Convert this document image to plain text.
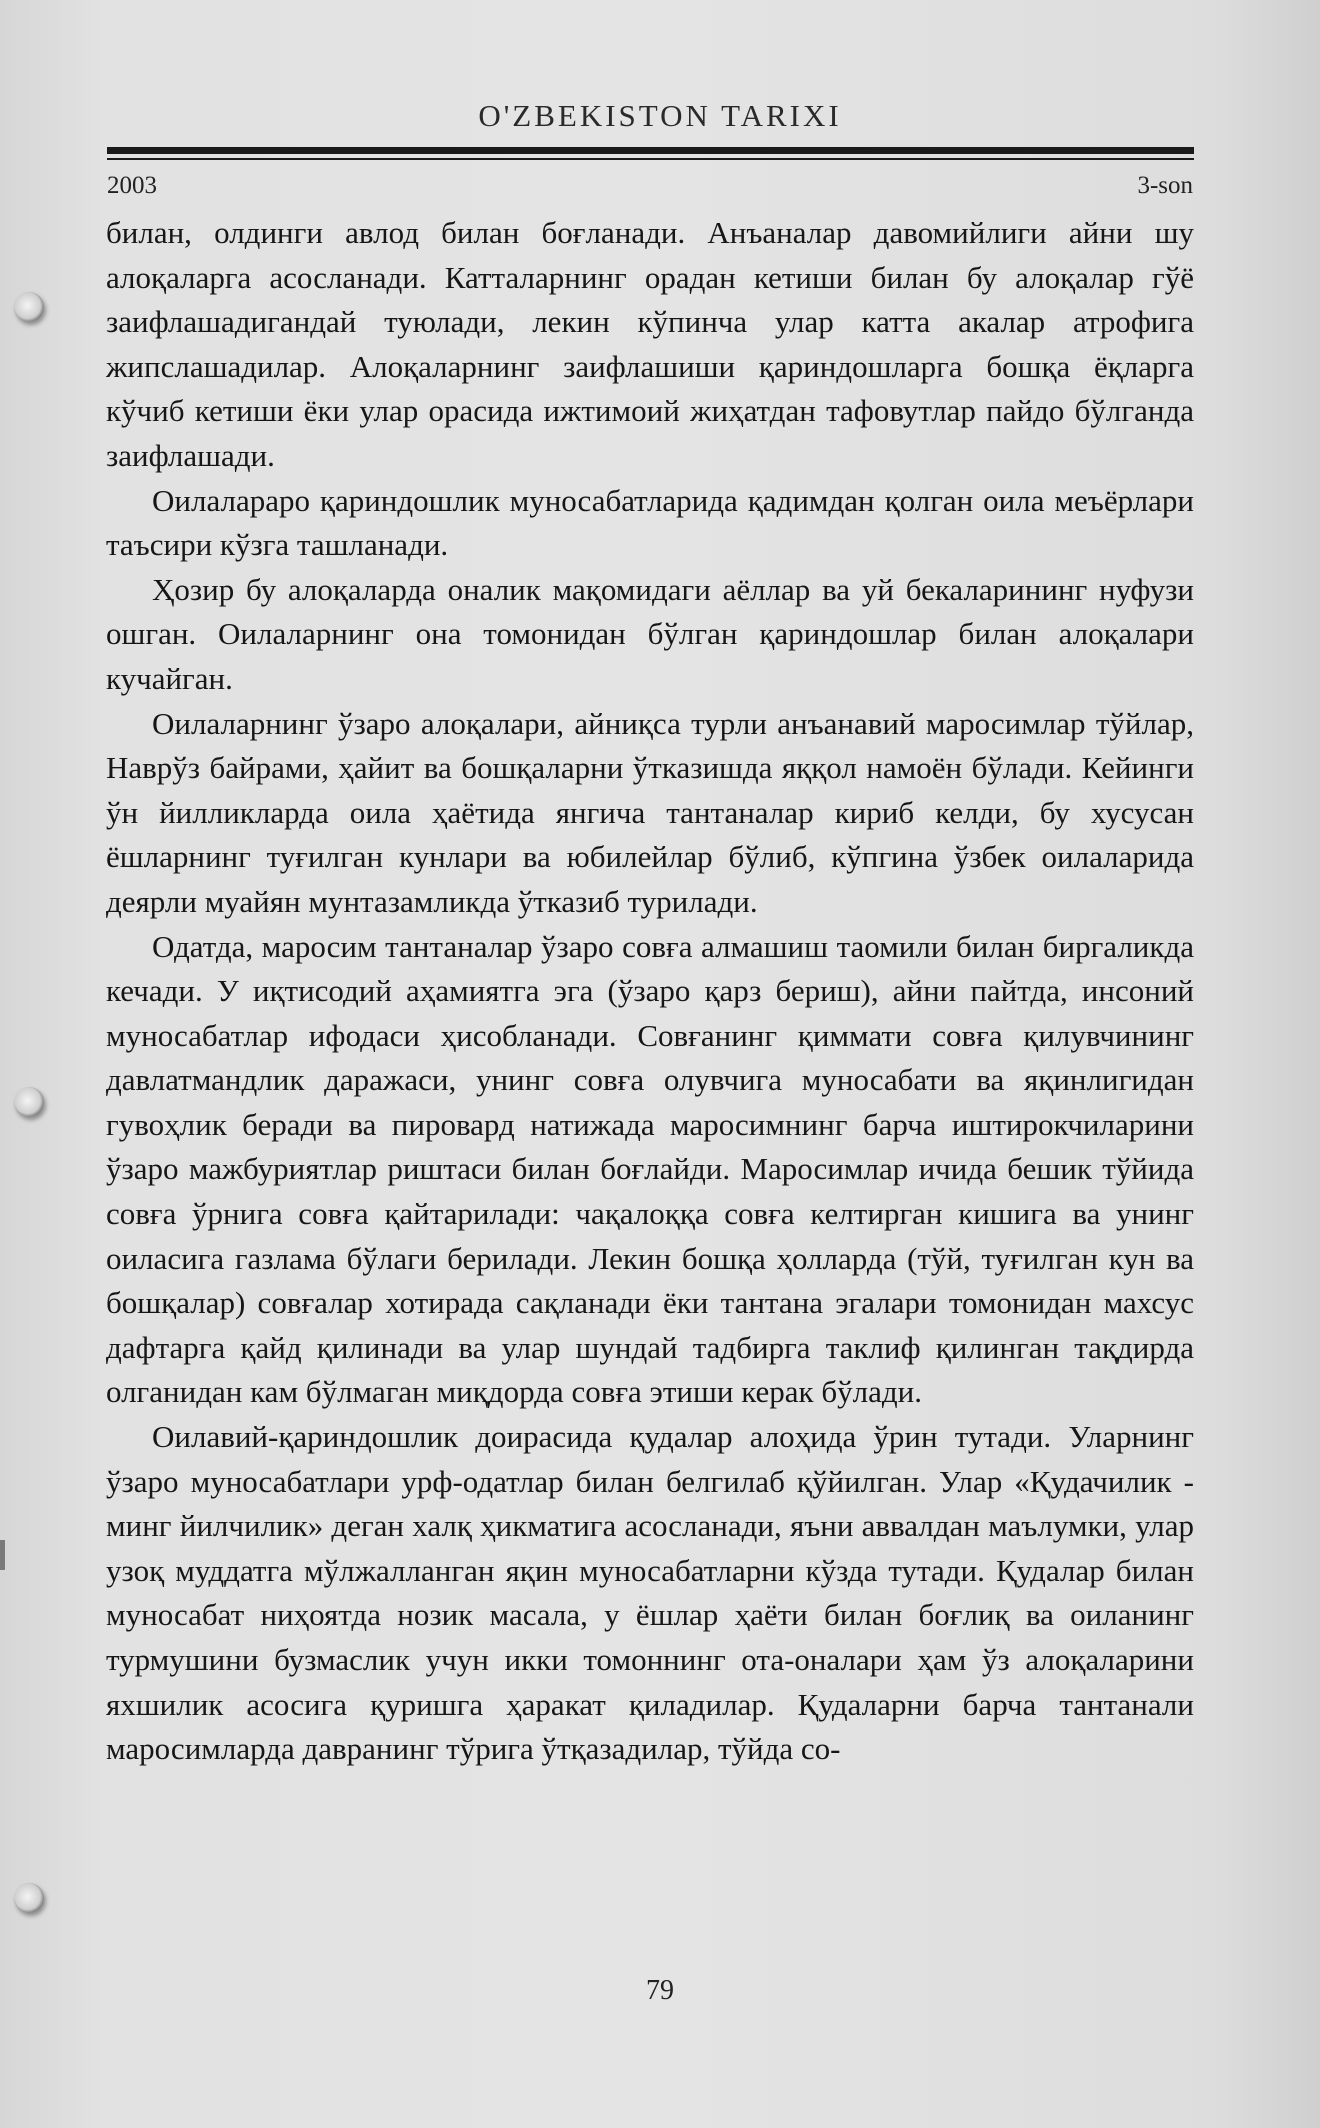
O'ZBEKISTON TARIXI
2003	3-son

билан, олдинги авлод билан боғланади. Анъаналар давомийлиги айни шу алоқаларга асосланади. Катталарнинг орадан кетиши билан бу алоқалар гўё заифлашадигандай туюлади, лекин кўпинча улар катта акалар атрофига жипслашадилар. Алоқаларнинг заифлашиши қариндошларга бошқа ёқларга кўчиб кетиши ёки улар орасида ижтимоий жиҳатдан тафовутлар пайдо бўлганда заифлашади.

Оилалараро қариндошлик муносабатларида қадимдан қолган оила меъёрлари таъсири кўзга ташланади.

Ҳозир бу алоқаларда оналик мақомидаги аёллар ва уй бекаларининг нуфузи ошган. Оилаларнинг она томонидан бўлган қариндошлар билан алоқалари кучайган.

Оилаларнинг ўзаро алоқалари, айниқса турли анъанавий маросимлар тўйлар, Наврўз байрами, ҳайит ва бошқаларни ўтказишда яққол намоён бўлади. Кейинги ўн йилликларда оила ҳаётида янгича тантаналар кириб келди, бу хусусан ёшларнинг туғилган кунлари ва юбилейлар бўлиб, кўпгина ўзбек оилаларида деярли муайян мунтазамликда ўтказиб турилади.

Одатда, маросим тантаналар ўзаро совға алмашиш таомили билан биргаликда кечади. У иқтисодий аҳамиятга эга (ўзаро қарз бериш), айни пайтда, инсоний муносабатлар ифодаси ҳисобланади. Совғанинг қиммати совға қилувчининг давлатмандлик даражаси, унинг совға олувчига муносабати ва яқинлигидан гувоҳлик беради ва пировард натижада маросимнинг барча иштирокчиларини ўзаро мажбуриятлар риштаси билан боғлайди. Маросимлар ичида бешик тўйида совға ўрнига совға қайтарилади: чақалоққа совға келтирган кишига ва унинг оиласига газлама бўлаги берилади. Лекин бошқа ҳолларда (тўй, туғилган кун ва бошқалар) совғалар хотирада сақланади ёки тантана эгалари томонидан махсус дафтарга қайд қилинади ва улар шундай тадбирга таклиф қилинган тақдирда олганидан кам бўлмаган миқдорда совға этиши керак бўлади.

Оилавий-қариндошлик доирасида қудалар алоҳида ўрин тутади. Уларнинг ўзаро муносабатлари урф-одатлар билан белгилаб қўйилган. Улар «Қудачилик - минг йилчилик» деган халқ ҳикматига асосланади, яъни аввалдан маълумки, улар узоқ муддатга мўлжалланган яқин муносабатларни кўзда тутади. Қудалар билан муносабат ниҳоятда нозик масала, у ёшлар ҳаёти билан боғлиқ ва оиланинг турмушини бузмаслик учун икки томоннинг ота-оналари ҳам ўз алоқаларини яхшилик асосига қуришга ҳаракат қиладилар. Қудаларни барча тантанали маросимларда давранинг тўрига ўтқазадилар, тўйда со-

79
